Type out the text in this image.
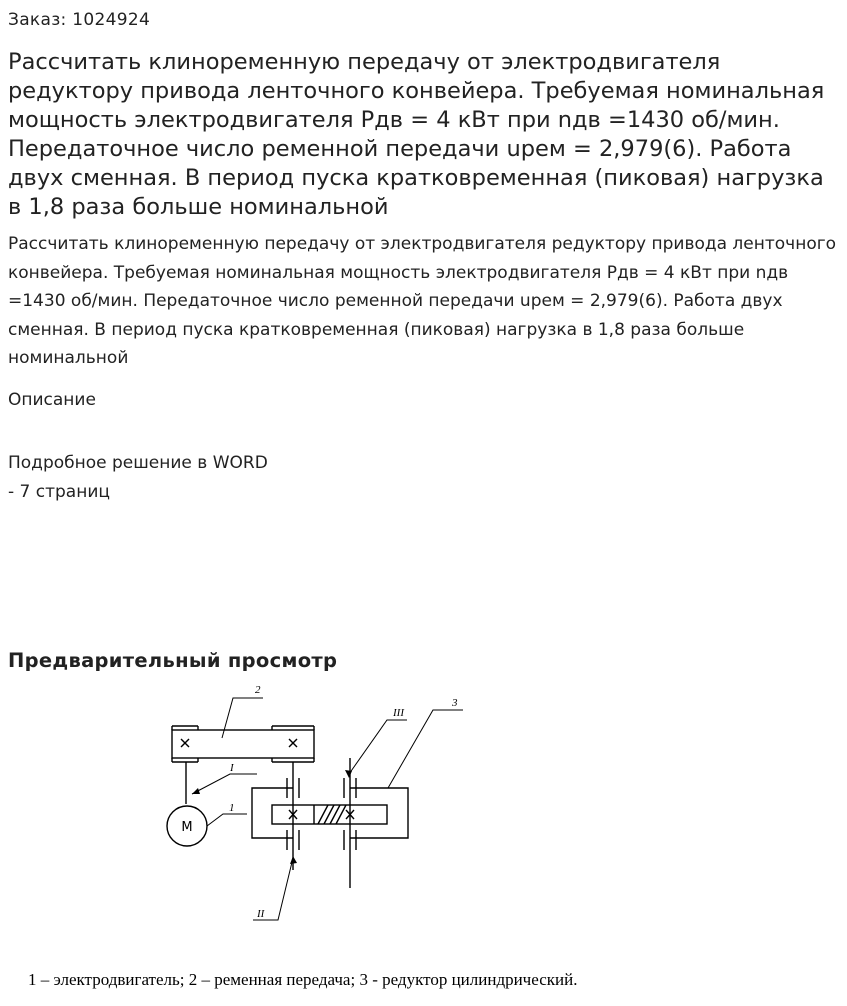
Заказ: 1024924
Рассчитать клиноременную передачу от электродвигателя редуктору привода ленточного конвейера. Требуемая номинальная мощность электродвигателя Pдв = 4 кВт при nдв =1430 об/мин. Передаточное число ременной передачи uрем = 2,979(6). Работа двух сменная. В период пуска кратковременная (пиковая) нагрузка в 1,8 раза больше номинальной

Рассчитать клиноременную передачу от электродвигателя редуктору привода ленточного конвейера. Требуемая номинальная мощность электродвигателя Pдв = 4 кВт при nдв =1430 об/мин. Передаточное число ременной передачи uрем = 2,979(6). Работа двух сменная. В период пуска кратковременная (пиковая) нагрузка в 1,8 раза больше номинальной

Описание

Подробное решение в WORD - 7 страниц

Предварительный просмотр
2
3
III
I
1
II
M
1 – электродвигатель; 2 – ременная передача; 3 - редуктор цилиндрический.
